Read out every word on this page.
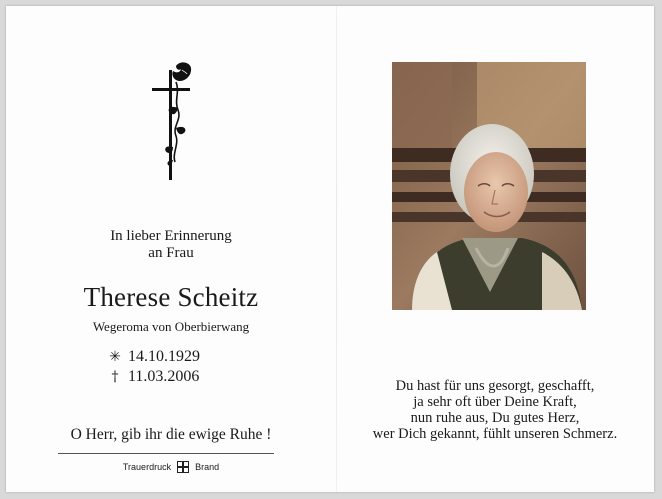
In lieber Erinnerung
an Frau
Therese Scheitz
Wegeroma von Oberbierwang
✳ 14.10.1929
† 11.03.2006
O Herr, gib ihr die ewige Ruhe !
Trauerdruck	Brand
Du hast für uns gesorgt, geschafft,
ja sehr oft über Deine Kraft,
nun ruhe aus, Du gutes Herz,
wer Dich gekannt, fühlt unseren Schmerz.
